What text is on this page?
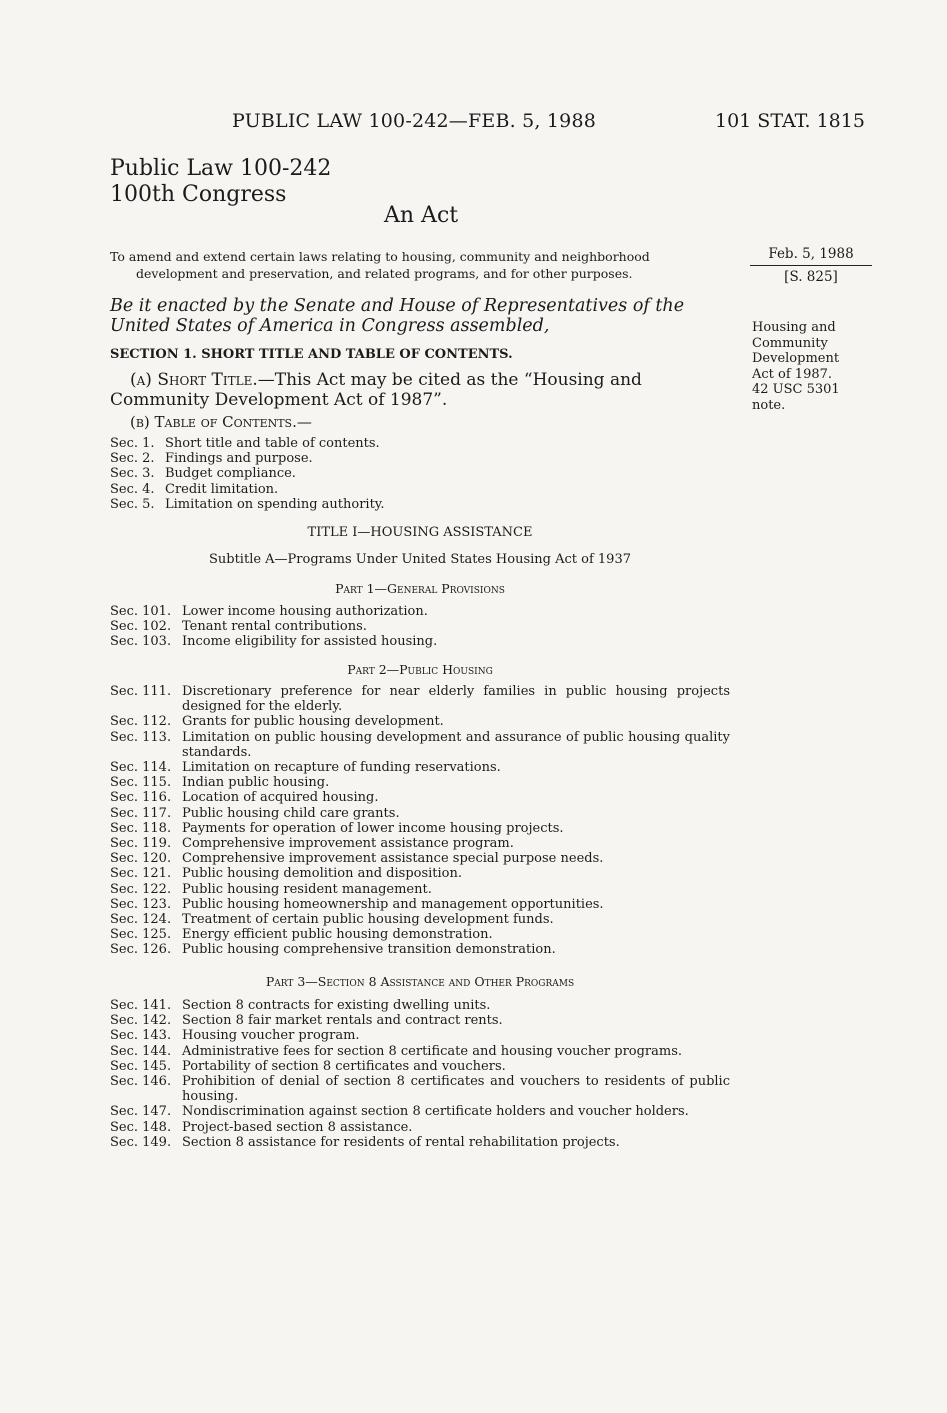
PUBLIC LAW 100-242—FEB. 5, 1988	101 STAT. 1815
Public Law 100-242
100th Congress
An Act
To amend and extend certain laws relating to housing, community and neighborhood
development and preservation, and related programs, and for other purposes.
Feb. 5, 1988
[S. 825]
Housing and
Community
Development
Act of 1987.
42 USC 5301
note.
Be it enacted by the Senate and House of Representatives of the United States of America in Congress assembled,
SECTION 1. SHORT TITLE AND TABLE OF CONTENTS.
(a) Short Title.—This Act may be cited as the “Housing and Community Development Act of 1987”.
(b) Table of Contents.—
Sec. 1. Short title and table of contents.
Sec. 2. Findings and purpose.
Sec. 3. Budget compliance.
Sec. 4. Credit limitation.
Sec. 5. Limitation on spending authority.
TITLE I—HOUSING ASSISTANCE
Subtitle A—Programs Under United States Housing Act of 1937
Part 1—General Provisions
Sec. 101. Lower income housing authorization.
Sec. 102. Tenant rental contributions.
Sec. 103. Income eligibility for assisted housing.
Part 2—Public Housing
Sec. 111. Discretionary preference for near elderly families in public housing projects designed for the elderly.
Sec. 112. Grants for public housing development.
Sec. 113. Limitation on public housing development and assurance of public housing quality standards.
Sec. 114. Limitation on recapture of funding reservations.
Sec. 115. Indian public housing.
Sec. 116. Location of acquired housing.
Sec. 117. Public housing child care grants.
Sec. 118. Payments for operation of lower income housing projects.
Sec. 119. Comprehensive improvement assistance program.
Sec. 120. Comprehensive improvement assistance special purpose needs.
Sec. 121. Public housing demolition and disposition.
Sec. 122. Public housing resident management.
Sec. 123. Public housing homeownership and management opportunities.
Sec. 124. Treatment of certain public housing development funds.
Sec. 125. Energy efficient public housing demonstration.
Sec. 126. Public housing comprehensive transition demonstration.
Part 3—Section 8 Assistance and Other Programs
Sec. 141. Section 8 contracts for existing dwelling units.
Sec. 142. Section 8 fair market rentals and contract rents.
Sec. 143. Housing voucher program.
Sec. 144. Administrative fees for section 8 certificate and housing voucher programs.
Sec. 145. Portability of section 8 certificates and vouchers.
Sec. 146. Prohibition of denial of section 8 certificates and vouchers to residents of public housing.
Sec. 147. Nondiscrimination against section 8 certificate holders and voucher holders.
Sec. 148. Project-based section 8 assistance.
Sec. 149. Section 8 assistance for residents of rental rehabilitation projects.
